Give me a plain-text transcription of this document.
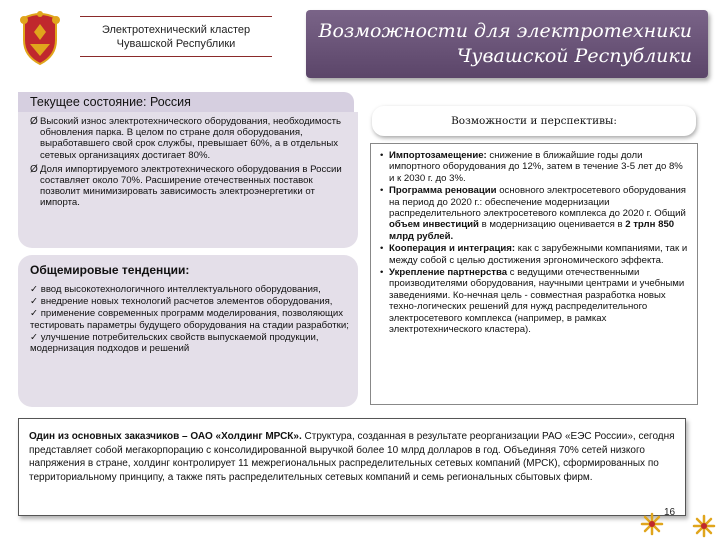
Электротехнический кластер
Чувашской Республики
Возможности для электротехники
Чувашской Республики
Текущее состояние: Россия
Ø Высокий износ электротехнического оборудования, необходимость обновления парка. В целом по стране доля оборудования, выработавшего свой срок службы, превышает 60%, а в отдельных сетевых организациях достигает 80%.
Ø Доля импортируемого электротехнического оборудования в России составляет около 70%. Расширение отечественных поставок позволит минимизировать зависимость электроэнергетики от импорта.
Общемировые тенденции:
✓ ввод высокотехнологичного интеллектуального оборудования,
✓ внедрение новых технологий расчетов элементов оборудования,
✓ применение современных программ моделирования, позволяющих тестировать параметры будущего оборудования на стадии разработки;
✓ улучшение потребительских свойств выпускаемой продукции, модернизация подходов и решений
Возможности и перспективы:
• Импортозамещение: снижение в ближайшие годы доли импортного оборудования до 12%, затем в течение 3-5 лет до 8% и к 2030 г. до 3%.
• Программа реновации основного электросетевого оборудования на период до 2020 г.: обеспечение модернизации распределительного электросетевого комплекса до 2020 г. Общий объем инвестиций в модернизацию оценивается в 2 трлн 850 млрд рублей.
• Кооперация и интеграция: как с зарубежными компаниями, так и между собой с целью достижения эргономического эффекта.
• Укрепление партнерства с ведущими отечественными производителями оборудования, научными центрами и учебными заведениями. Ко-нечная цель - совместная разработка новых техно-логических решений для нужд распределительного электросетевого комплекса (например, в рамках электротехнического кластера).
Один из основных заказчиков – ОАО «Холдинг МРСК». Структура, созданная в результате реорганизации РАО «ЕЭС России», сегодня представляет собой мегакорпорацию с консолидированной выручкой более 10 млрд долларов в год. Объединяя 70% сетей низкого напряжения в стране, холдинг контролирует 11 межрегиональных распределительных сетевых компаний (МРСК), сформированных по территориальному принципу, а также пять распределительных сетевых компаний и семь региональных сбытовых фирм.
16
